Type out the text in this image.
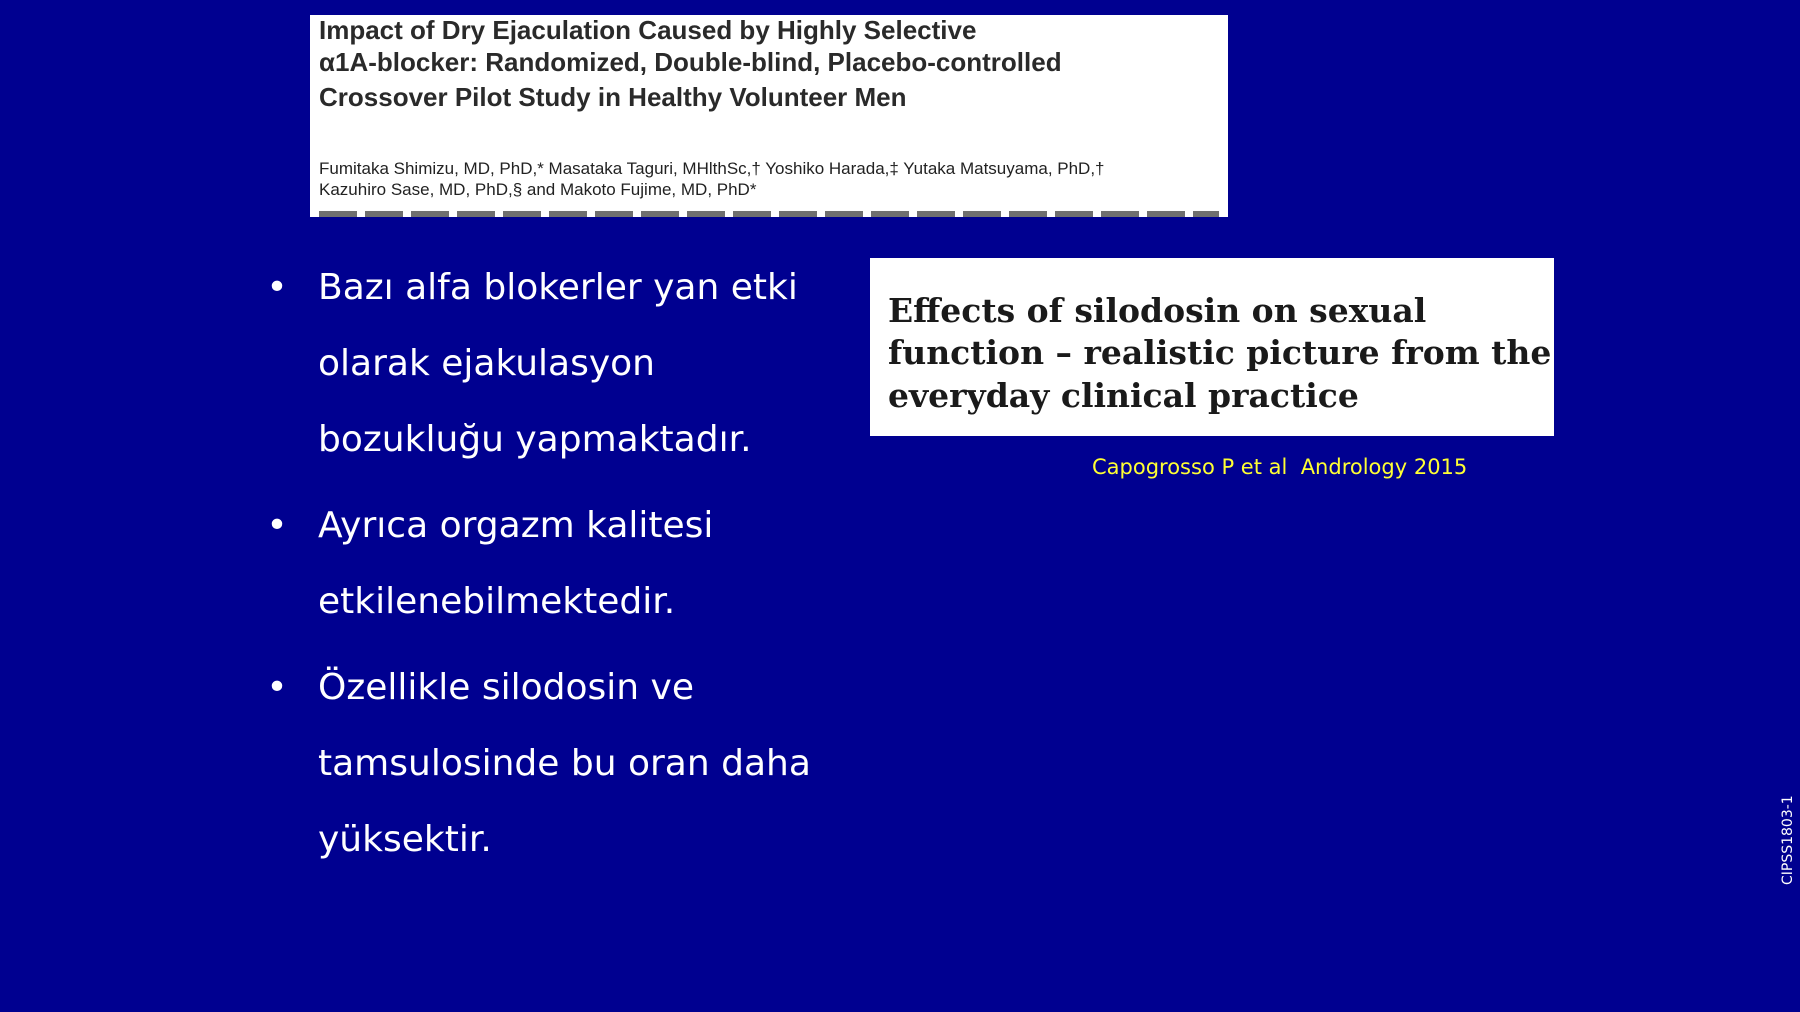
Impact of Dry Ejaculation Caused by Highly Selective
α1A-blocker: Randomized, Double-blind, Placebo-controlled
Crossover Pilot Study in Healthy Volunteer Men
Fumitaka Shimizu, MD, PhD,* Masataka Taguri, MHlthSc,† Yoshiko Harada,‡ Yutaka Matsuyama, PhD,†
Kazuhiro Sase, MD, PhD,§ and Makoto Fujime, MD, PhD*
• Bazı alfa blokerler yan etki
olarak ejakulasyon
bozukluğu yapmaktadır.
• Ayrıca orgazm kalitesi
etkilenebilmektedir.
• Özellikle silodosin ve
tamsulosinde bu oran daha
yüksektir.
Effects of silodosin on sexual
function – realistic picture from the
everyday clinical practice
Capogrosso P et al  Andrology 2015
CIPSS1803-1
